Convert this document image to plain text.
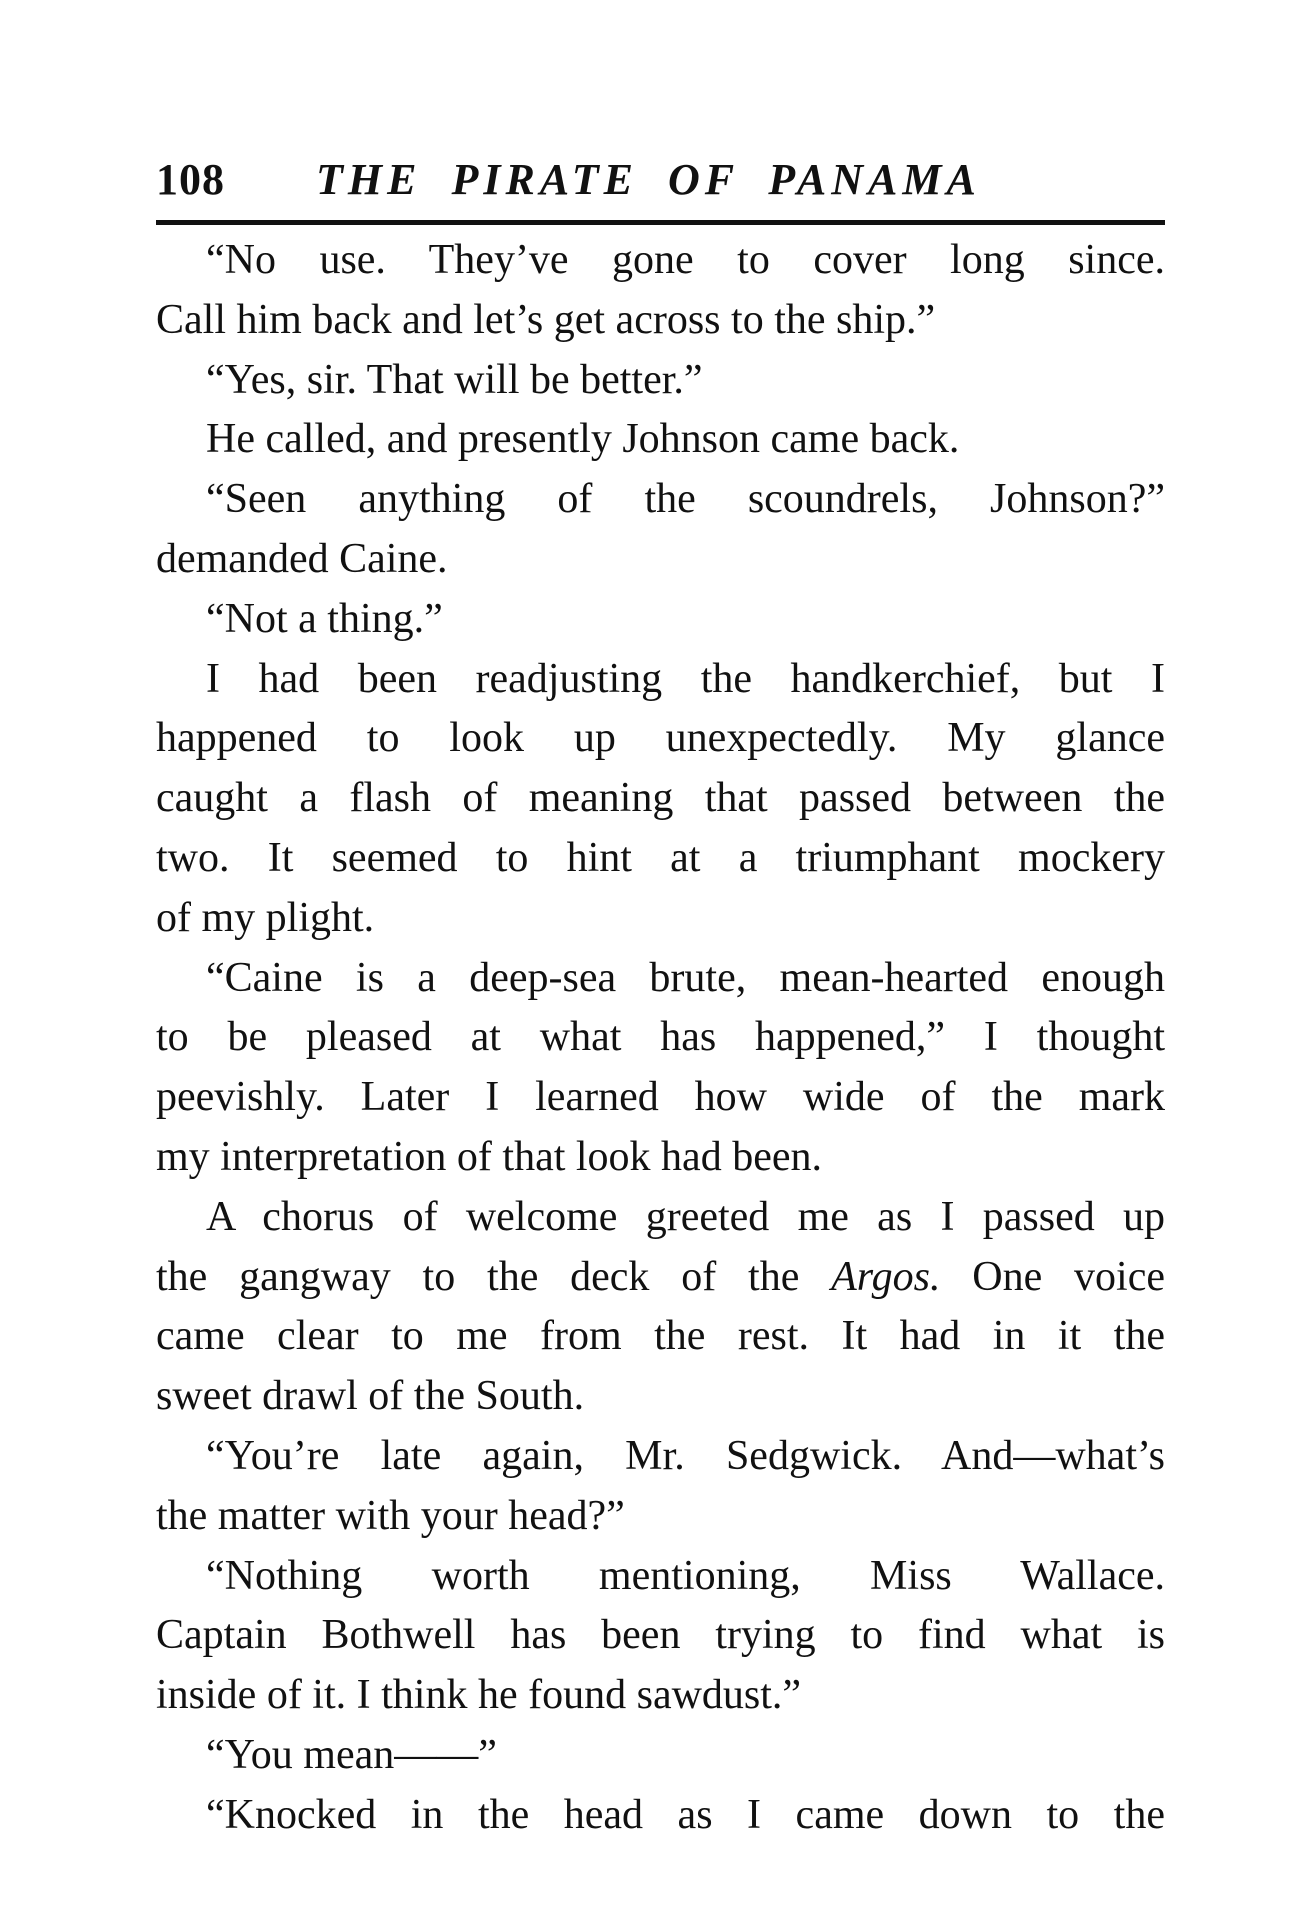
108 THE PIRATE OF PANAMA
“No use. They’ve gone to cover long since.
Call him back and let’s get across to the ship.”
“Yes, sir. That will be better.”
He called, and presently Johnson came back.
“Seen anything of the scoundrels, Johnson?”
demanded Caine.
“Not a thing.”
I had been readjusting the handkerchief, but I
happened to look up unexpectedly. My glance
caught a flash of meaning that passed between the
two. It seemed to hint at a triumphant mockery
of my plight.
“Caine is a deep-sea brute, mean-hearted enough
to be pleased at what has happened,” I thought
peevishly. Later I learned how wide of the mark
my interpretation of that look had been.
A chorus of welcome greeted me as I passed up
the gangway to the deck of the Argos. One voice
came clear to me from the rest. It had in it the
sweet drawl of the South.
“You’re late again, Mr. Sedgwick. And—what’s
the matter with your head?”
“Nothing worth mentioning, Miss Wallace.
Captain Bothwell has been trying to find what is
inside of it. I think he found sawdust.”
“You mean——”
“Knocked in the head as I came down to the
